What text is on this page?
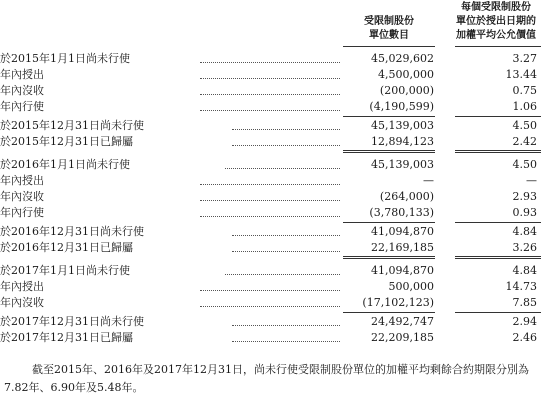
受限制股份
單位數目
每個受限制股份
單位於授出日期的
加權平均公允價值
於2015年1月1日尚未行使	45,029,602	3.27
年內授出	4,500,000	13.44
年內沒收	(200,000)	0.75
年內行使	(4,190,599)	1.06
於2015年12月31日尚未行使	45,139,003	4.50
於2015年12月31日已歸屬	12,894,123	2.42
於2016年1月1日尚未行使	45,139,003	4.50
年內授出	—	—
年內沒收	(264,000)	2.93
年內行使	(3,780,133)	0.93
於2016年12月31日尚未行使	41,094,870	4.84
於2016年12月31日已歸屬	22,169,185	3.26
於2017年1月1日尚未行使	41,094,870	4.84
年內授出	500,000	14.73
年內沒收	(17,102,123)	7.85
於2017年12月31日尚未行使	24,492,747	2.94
於2017年12月31日已歸屬	22,209,185	2.46
截至2015年、2016年及2017年12月31日，尚未行使受限制股份單位的加權平均剩餘合約期限分別為7.82年、6.90年及5.48年。
